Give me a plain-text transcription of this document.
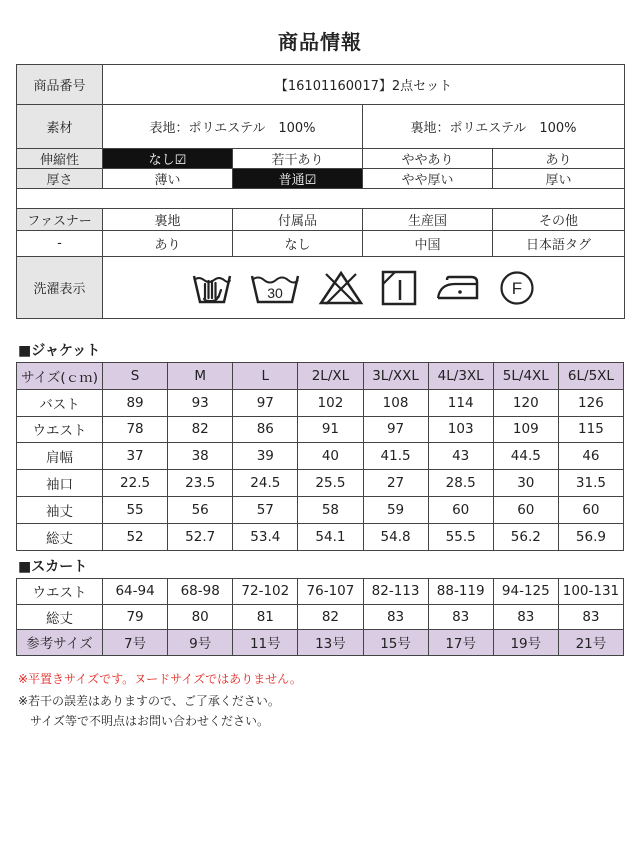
商品情報
商品番号	【16101160017】2点セット			
素材	表地：ポリエステル　100%		裏地：ポリエステル　100%	
伸縮性	なし☑	若干あり	ややあり	あり
厚さ	薄い	普通☑	やや厚い	厚い

ファスナー	裏地	付属品	生産国	その他
-	あり	なし	中国	日本語タグ
洗濯表示	30 F			
■ジャケット
サイズ(ｃｍ)	S	M	L	2L/XL	3L/XXL	4L/3XL	5L/4XL	6L/5XL
バスト	89	93	97	102	108	114	120	126
ウエスト	78	82	86	91	97	103	109	115
肩幅	37	38	39	40	41.5	43	44.5	46
袖口	22.5	23.5	24.5	25.5	27	28.5	30	31.5
袖丈	55	56	57	58	59	60	60	60
総丈	52	52.7	53.4	54.1	54.8	55.5	56.2	56.9
■スカート
ウエスト	64-94	68-98	72-102	76-107	82-113	88-119	94-125	100-131
総丈	79	80	81	82	83	83	83	83
参考サイズ	7号	9号	11号	13号	15号	17号	19号	21号
※平置きサイズです。ヌードサイズではありません。
※若干の誤差はありますので、ご了承ください。
サイズ等で不明点はお問い合わせください。
